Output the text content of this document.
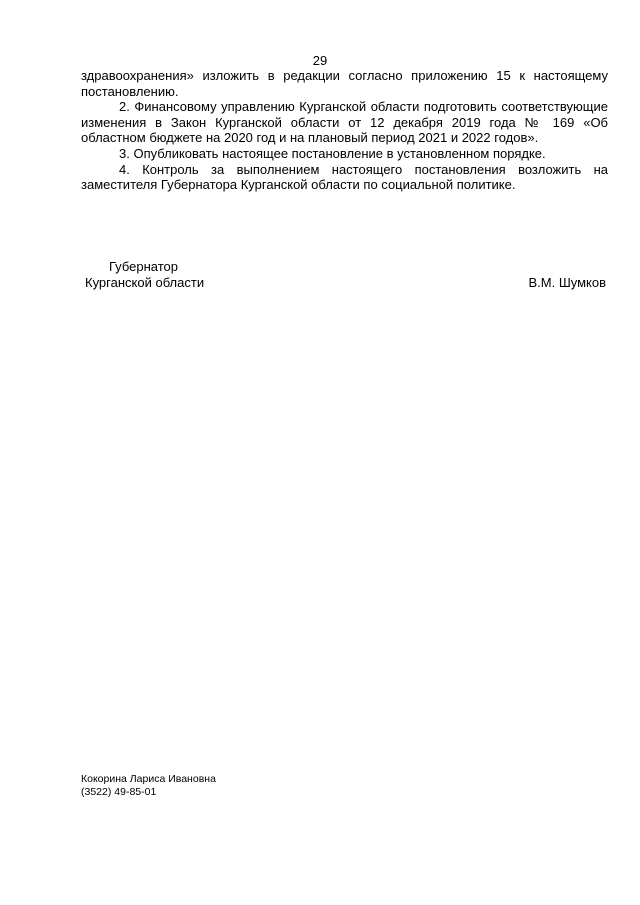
29

здравоохранения» изложить в редакции согласно приложению 15 к настоящему постановлению.

2. Финансовому управлению Курганской области подготовить соответствующие изменения в Закон Курганской области от 12 декабря 2019 года № 169 «Об областном бюджете на 2020 год и на плановый период 2021 и 2022 годов».

3. Опубликовать настоящее постановление в установленном порядке.

4. Контроль за выполнением настоящего постановления возложить на заместителя Губернатора Курганской области по социальной политике.

Губернатор
Курганской области	В.М. Шумков
Кокорина Лариса Ивановна
(3522) 49-85-01
